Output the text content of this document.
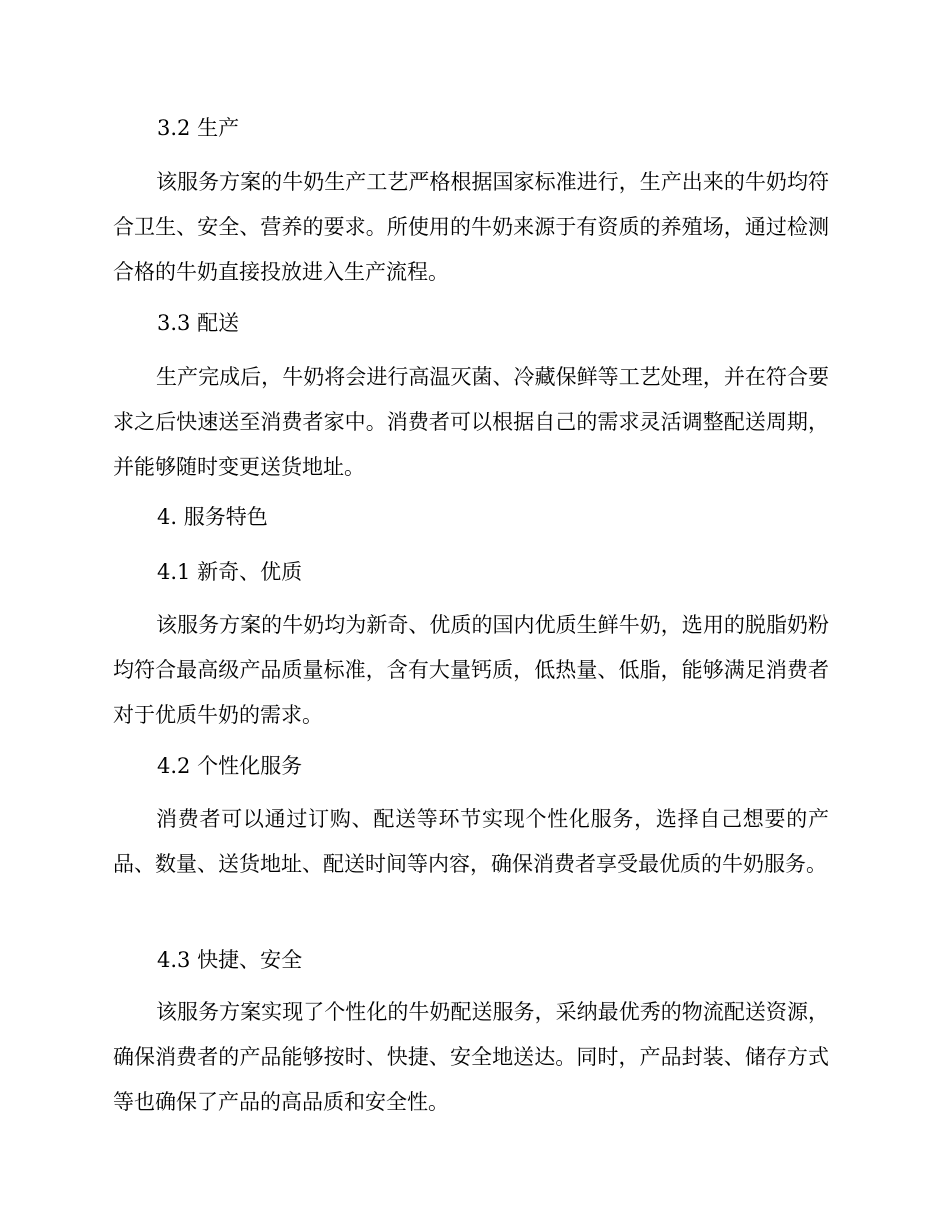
3.2 生产

该服务方案的牛奶生产工艺严格根据国家标准进行，生产出来的牛奶均符合卫生、安全、营养的要求。所使用的牛奶来源于有资质的养殖场，通过检测合格的牛奶直接投放进入生产流程。

3.3 配送

生产完成后，牛奶将会进行高温灭菌、冷藏保鲜等工艺处理，并在符合要求之后快速送至消费者家中。消费者可以根据自己的需求灵活调整配送周期，并能够随时变更送货地址。

4. 服务特色
4.1 新奇、优质

该服务方案的牛奶均为新奇、优质的国内优质生鲜牛奶，选用的脱脂奶粉均符合最高级产品质量标准，含有大量钙质，低热量、低脂，能够满足消费者对于优质牛奶的需求。

4.2 个性化服务

消费者可以通过订购、配送等环节实现个性化服务，选择自己想要的产品、数量、送货地址、配送时间等内容，确保消费者享受最优质的牛奶服务。

4.3 快捷、安全

该服务方案实现了个性化的牛奶配送服务，采纳最优秀的物流配送资源，确保消费者的产品能够按时、快捷、安全地送达。同时，产品封装、储存方式等也确保了产品的高品质和安全性。
